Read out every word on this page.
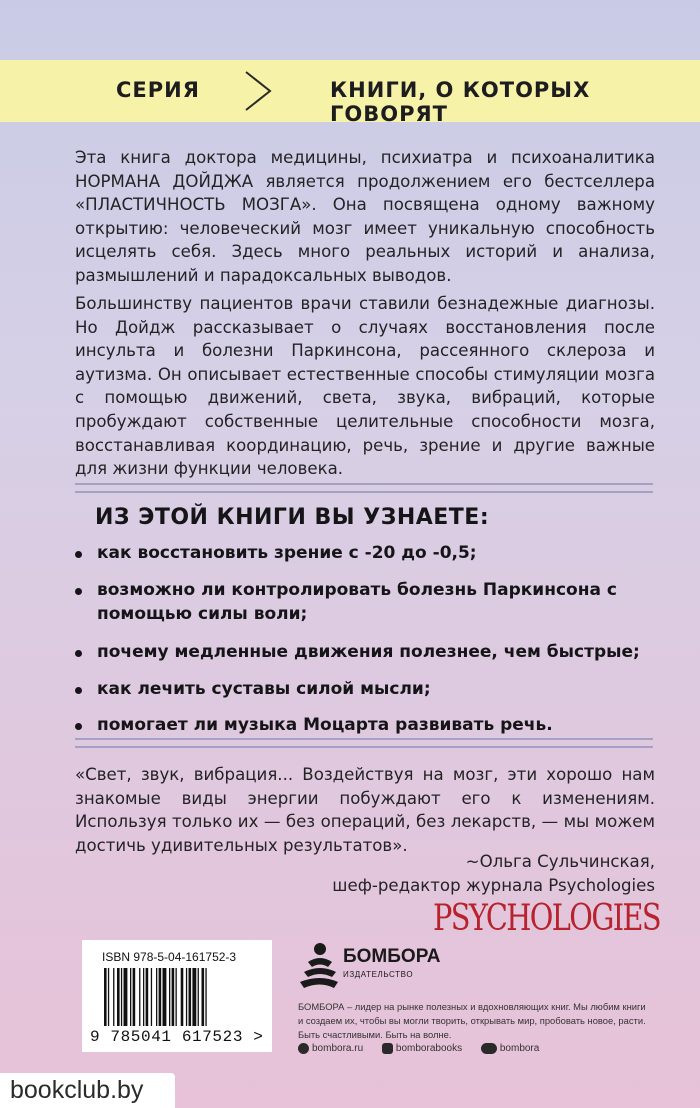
СЕРИЯ	КНИГИ, О КОТОРЫХ ГОВОРЯТ

Эта книга доктора медицины, психиатра и психоаналитика НОРМАНА ДОЙДЖА является продолжением его бестселлера «ПЛАСТИЧНОСТЬ МОЗГА». Она посвящена одному важному открытию: человеческий мозг имеет уникальную способность исцелять себя. Здесь много реальных историй и анализа, размышлений и парадоксальных выводов.

Большинству пациентов врачи ставили безнадежные диагнозы. Но Дойдж рассказывает о случаях восстановления после инсульта и болезни Паркинсона, рассеянного склероза и аутизма. Он описывает естественные способы стимуляции мозга с помощью движений, света, звука, вибраций, которые пробуждают собственные целительные способности мозга, восстанавливая координацию, речь, зрение и другие важные для жизни функции человека.

ИЗ ЭТОЙ КНИГИ ВЫ УЗНАЕТЕ:
как восстановить зрение с -20 до -0,5;
возможно ли контролировать болезнь Паркинсона с помощью силы воли;
почему медленные движения полезнее, чем быстрые;
как лечить суставы силой мысли;
помогает ли музыка Моцарта развивать речь.

«Свет, звук, вибрация... Воздействуя на мозг, эти хорошо нам знакомые виды энергии побуждают его к изменениям. Используя только их — без операций, без лекарств, — мы можем достичь удивительных результатов».

~Ольга Сульчинская,
шеф-редактор журнала Psychologies
PSYCHOLOGIES
ISBN 978-5-04-161752-3
9 785041 617523 >
БОМБОРА
ИЗДАТЕЛЬСТВО

БОМБОРА – лидер на рынке полезных и вдохновляющих книг. Мы любим книги и создаем их, чтобы вы могли творить, открывать мир, пробовать новое, расти. Быть счастливыми. Быть на волне.

bombora.ru
	bomborabooks
	bombora
bookclub.by
